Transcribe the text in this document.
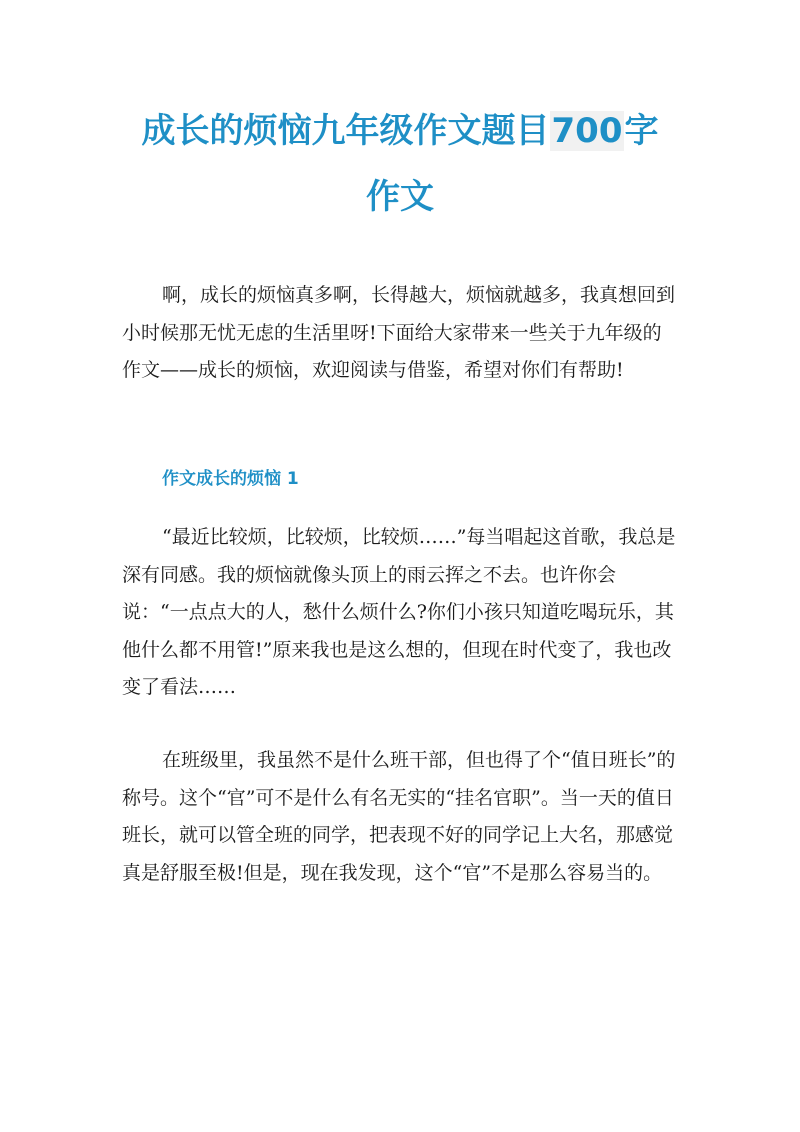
成长的烦恼九年级作文题目700字
作文

啊，成长的烦恼真多啊，长得越大，烦恼就越多，我真想回到小时候那无忧无虑的生活里呀!下面给大家带来一些关于九年级的作文——成长的烦恼，欢迎阅读与借鉴，希望对你们有帮助!

作文成长的烦恼 1

“最近比较烦，比较烦，比较烦……”每当唱起这首歌，我总是深有同感。我的烦恼就像头顶上的雨云挥之不去。也许你会说：“一点点大的人，愁什么烦什么?你们小孩只知道吃喝玩乐，其他什么都不用管!”原来我也是这么想的，但现在时代变了，我也改变了看法……

在班级里，我虽然不是什么班干部，但也得了个“值日班长”的称号。这个“官”可不是什么有名无实的“挂名官职”。当一天的值日班长，就可以管全班的同学，把表现不好的同学记上大名，那感觉真是舒服至极!但是，现在我发现，这个“官”不是那么容易当的。
